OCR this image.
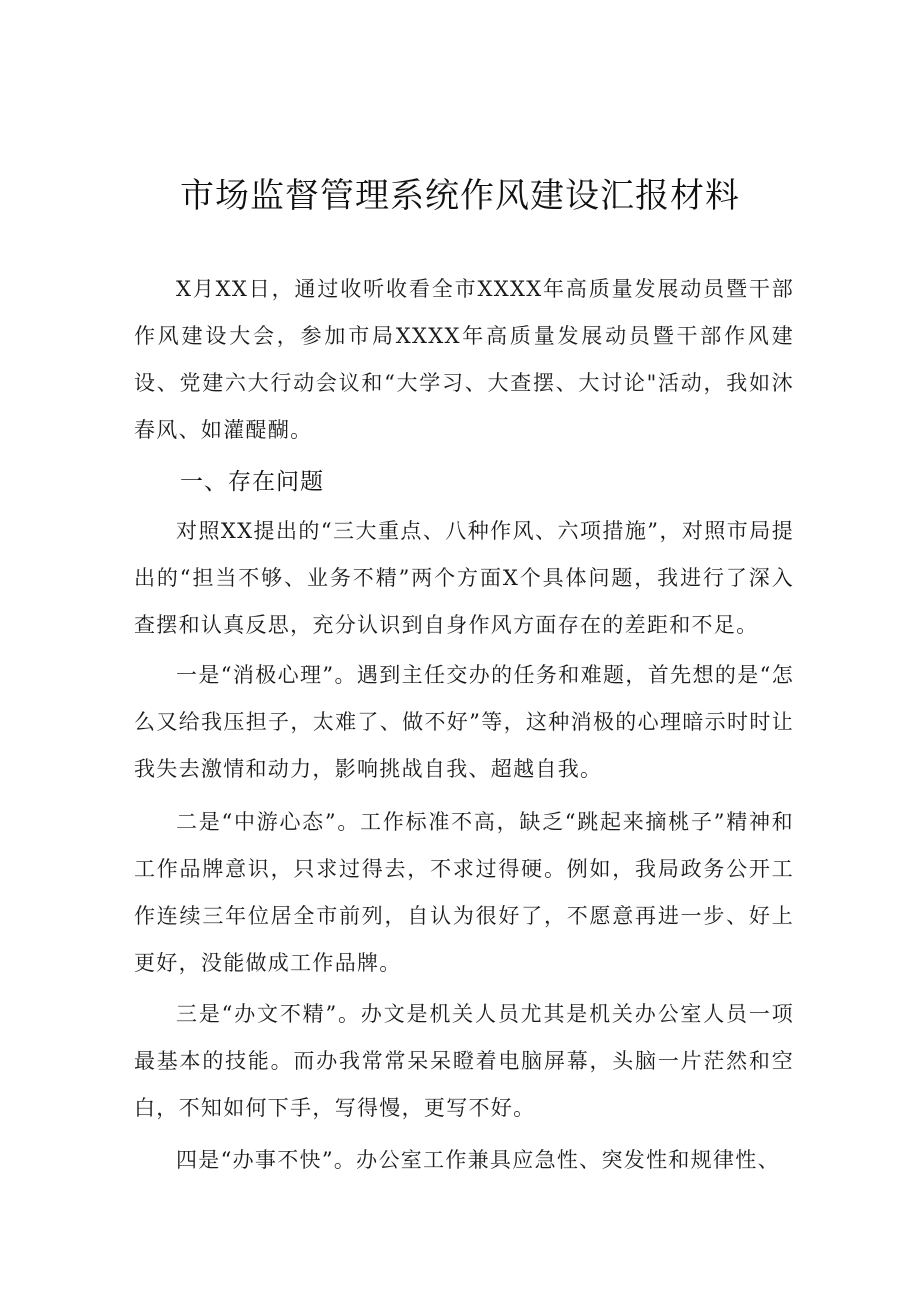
市场监督管理系统作风建设汇报材料

X月XX日，通过收听收看全市XXXX年高质量发展动员暨干部作风建设大会，参加市局XXXX年高质量发展动员暨干部作风建设、党建六大行动会议和“大学习、大查摆、大讨论"活动，我如沐春风、如灌醍醐。

一、存在问题

对照XX提出的“三大重点、八种作风、六项措施”，对照市局提出的“担当不够、业务不精”两个方面X个具体问题，我进行了深入查摆和认真反思，充分认识到自身作风方面存在的差距和不足。

一是“消极心理”。遇到主任交办的任务和难题，首先想的是“怎么又给我压担子，太难了、做不好”等，这种消极的心理暗示时时让我失去激情和动力，影响挑战自我、超越自我。

二是“中游心态”。工作标准不高，缺乏“跳起来摘桃子”精神和工作品牌意识，只求过得去，不求过得硬。例如，我局政务公开工作连续三年位居全市前列，自认为很好了，不愿意再进一步、好上更好，没能做成工作品牌。

三是“办文不精”。办文是机关人员尤其是机关办公室人员一项最基本的技能。而办我常常呆呆瞪着电脑屏幕，头脑一片茫然和空白，不知如何下手，写得慢，更写不好。

四是“办事不快”。办公室工作兼具应急性、突发性和规律性、
